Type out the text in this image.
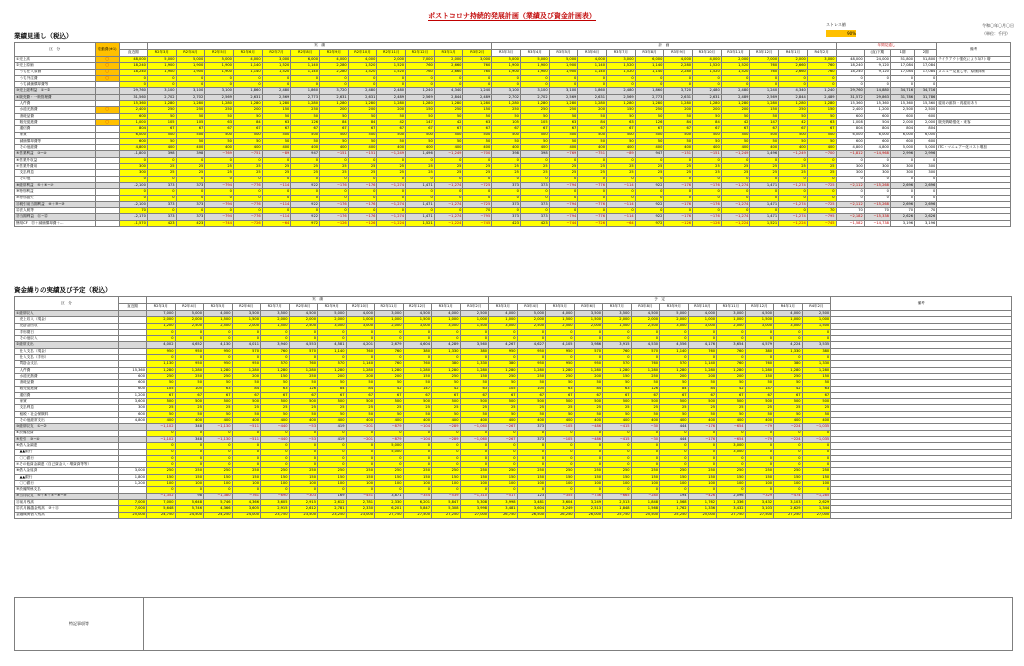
ポストコロナ持続的発展計画（業績及び資金計画表）
ストレス値
90%
令和〇年〇月〇日
（単位：千円）
業績見通し（税込）
区　分	変動費(※1)		実　績												計　画												年間見通し				備考
		直近期	R2年3月	R2年4月	R2年5月	R2年6月	R2年7月	R2年8月	R2年9月	R2年10月	R2年11月	R2年12月	R3年1月	R3年2月	R3年3月	R3年4月	R3年5月	R3年6月	R3年7月	R3年8月	R3年9月	R3年10月	R3年11月	R3年12月	R4年1月	R4年2月		(直)下期	1期	2期	
①売上高	〇	48,000	5,000	5,000	5,000	4,000	3,000	6,000	4,000	4,000	2,000	7,000	2,000	3,000	5,000	5,000	5,000	4,000	3,000	6,000	4,000	4,000	2,000	7,000	2,000	3,000	48,000	24,000	51,800	51,800	テイクアウト強化により3/7ト増
②売上原価	〇	18,240	1,900	1,900	1,900	1,140	1,520	1,140	2,280	1,520	1,520	760	2,660	760	1,900	1,900	1,900	1,140	1,520	1,140	2,280	1,520	1,520	760	2,660	760	18,240	9,120	17,084	17,084	
　うち仕入原価	〇	18,240	1,900	1,900	1,900	1,140	1,520	1,140	2,280	1,520	1,520	760	2,660	760	1,900	1,900	1,900	1,140	1,520	1,140	2,280	1,520	1,520	760	2,660	760	18,240	9,120	17,084	17,084	メニュー見直し等、原価抑制
　うち外注費	〇	0	0	0	0	0	0	0	0	0	0	0	0	0	0	0	0	0	0	0	0	0	0	0	0	0	0	0	0	0	
　うち減価償却費等		0	0	0	0	0	0	0	0	0	0	0	0	0	0	0	0	0	0	0	0	0	0	0	0	0	0	0	0	0	
③売上総利益　①−②		29,760	3,100	3,100	3,100	1,860	2,480	1,860	3,720	2,480	2,480	1,240	4,340	1,240	3,100	3,100	3,100	1,860	2,480	1,860	3,720	2,480	2,480	1,240	4,340	1,240	29,760	14,880	34,716	34,716	
④販売費・一般管理費		31,560	2,702	2,702	2,569	2,631	2,569	2,773	2,631	2,631	2,489	2,569	2,844	2,489	2,702	2,702	2,569	2,631	2,569	2,773	2,631	2,631	2,489	2,569	2,844	2,489	31,572	29,863	31,786	31,786	
　人件費		15,360	1,280	1,280	1,280	1,280	1,280	1,280	1,280	1,280	1,280	1,280	1,280	1,280	1,280	1,280	1,280	1,280	1,280	1,280	1,280	1,280	1,280	1,280	1,280	1,280	15,360	15,360	15,360	15,360	雇用の維持・再雇用あり
　水道光熱費	〇	2,400	250	250	250	200	150	250	200	200	200	150	250	150	250	250	250	200	150	250	200	200	200	150	250	150	2,400	1,200	2,500	2,500	
　消耗品費		600	50	50	50	50	50	50	50	50	50	50	50	50	50	50	50	50	50	50	50	50	50	50	50	50	600	600	600	600	
　販売促進費	〇	1,000	105	105	63	84	63	126	84	84	42	147	42	63	105	105	63	84	63	126	84	84	42	147	42	63	1,008	504	2,000	2,000	販売戦略強化・来客
　通信費		804	67	67	67	67	67	67	67	67	67	67	67	67	67	67	67	67	67	67	67	67	67	67	67	67	804	804	804	804	
　家賃		6,000	500	500	500	500	500	500	500	500	500	500	500	500	500	500	500	500	500	500	500	500	500	500	500	500	6,000	6,000	6,000	6,000	
　減価償却費等		600	50	50	50	50	50	50	50	50	50	50	50	50	50	50	50	50	50	50	50	50	50	50	50	50	600	600	600	600	
　その他経費		4,800	400	400	400	400	400	400	400	400	400	400	400	400	400	400	400	400	400	400	400	400	400	400	400	400	4,800	4,800	5,000	5,000	ITC・マニュアー化コスト増加
⑤営業利益　③−④		-1,800	398	398	−769	−751	−89	947	−151	−151	−1,249	1,496	−1,249	−700	398	398	−769	−751	−89	947	−151	−151	−1,249	1,496	−1,249	−700	−1,812	−14,968	2,996	2,996	
⑥営業外収益		0	0	0	0	0	0	0	0	0	0	0	0	0	0	0	0	0	0	0	0	0	0	0	0	0	0	0	0	0	
⑦営業外費用		300	25	25	25	25	25	25	25	25	25	25	25	25	25	25	25	25	25	25	25	25	25	25	25	25	300	300	300	300	
　支払利息		300	25	25	25	25	25	25	25	25	25	25	25	25	25	25	25	25	25	25	25	25	25	25	25	25	300	300	300	300	
　その他		0	0	0	0	0	0	0	0	0	0	0	0	0	0	0	0	0	0	0	0	0	0	0	0	0	0	0	0	0	
⑧経常利益　⑤＋⑥−⑦		-2,100	373	373	−794	−776	−114	922	−176	−176	−1,274	1,471	−1,274	−725	373	373	−794	−776	−114	922	−176	−176	−1,274	1,471	−1,274	−725	−2,112	−15,268	2,696	2,696	
⑨特別利益		0	0	0	0	0	0	0	0	0	0	0	0	0	0	0	0	0	0	0	0	0	0	0	0	0	0	0	0	0	
⑩特別損失		0	0	0	0	0	0	0	0	0	0	0	0	0	0	0	0	0	0	0	0	0	0	0	0	0	0	0	0	0	
⑪税引前当期利益　⑧＋⑨−⑩		-2,100	373	373	−794	−776	−114	922	−176	−176	−1,274	1,471	−1,274	−725	373	373	−794	−776	−114	922	−176	−176	−1,274	1,471	−1,274	−725	−2,112	−15,268	2,696	2,696	
⑫法人税等		70	0	0	0	0	0	0	0	0	0	0	0	70	0	0	0	0	0	0	0	0	0	0	0	70	70	70	70	70	
⑬当期利益　⑪−⑫		-2,170	373	373	−794	−776	−114	922	−176	−176	−1,274	1,471	−1,274	−795	373	373	−794	−776	−114	922	−176	−176	−1,274	1,471	−1,274	−795	−2,182	−15,338	2,626	2,626	
簡易CF　⑬＋減価償却費＋...		-1,570	423	423	−744	−726	−64	972	−126	−126	−1,224	1,521	−1,224	−745	423	423	−744	−726	−64	972	−126	−126	−1,224	1,521	−1,224	−745	−1,582	−14,738	3,196	3,196	
資金繰りの実績及び予定（税込）
区　分		実　績												予　定												備考
	直近期	R2年3月	R2年4月	R2年5月	R2年6月	R2年7月	R2年8月	R2年9月	R2年10月	R2年11月	R2年12月	R3年1月	R3年2月	R3年3月	R3年4月	R3年5月	R3年6月	R3年7月	R3年8月	R3年9月	R3年10月	R3年11月	R3年12月	R4年1月	R4年2月	
①経常収入		7,000	5,000	4,000	3,500	3,500	4,500	5,000	4,000	3,000	4,500	4,000	2,500	4,000	5,000	4,000	3,500	3,500	4,500	5,000	4,000	3,000	4,500	4,000	2,500	
　売上収入（現金）		2,000	2,000	1,500	1,500	2,000	2,000	2,000	1,000	1,000	1,500	1,000	1,000	1,000	2,000	1,500	1,500	2,000	2,000	2,000	1,000	1,000	1,500	1,000	1,000	
　売掛金回収		1,200	2,500	2,500	2,000	1,500	2,500	3,000	3,000	2,000	3,000	3,000	1,500	3,000	2,500	2,500	2,000	1,500	2,500	3,000	3,000	2,000	3,000	3,000	1,500	
　手形期日		0	0	0	0	0	0	0	0	0	0	0	0	0	0	0	0	0	0	0	0	0	0	0	0	
　その他収入		0	0	0	0	0	0	0	0	0	0	0	0	0	0	0	0	0	0	0	0	0	0	0	0	
②経常支出		4,002	4,652	4,130	4,011	3,940	4,553	4,581	4,201	2,679	4,604	4,289	3,560	4,267	4,627	4,105	3,986	3,915	4,530	4,556	4,176	3,654	4,579	4,224	3,535	
　仕入支払（現金）		950	950	950	570	760	570	1,140	760	760	380	1,330	380	950	950	950	570	760	570	1,140	760	760	380	1,330	380	
　仕入支払（手形）		0	0	0	0	0	0	0	0	0	0	0	0	0	0	0	0	0	0	0	0	0	0	0	0	
　買掛金支払		1,130	950	950	950	570	760	570	1,140	760	760	380	1,330	380	950	950	950	570	760	570	1,140	760	760	380	1,330	
　人件費	15,360	1,280	1,280	1,280	1,280	1,280	1,280	1,280	1,280	1,280	1,280	1,280	1,280	1,280	1,280	1,280	1,280	1,280	1,280	1,280	1,280	1,280	1,280	1,280	1,280	
　水道光熱費	600	250	250	250	200	150	250	200	200	200	150	250	150	250	250	250	200	150	250	200	200	200	150	250	150	
　消耗品費	600	50	50	50	50	50	50	50	50	50	50	50	50	50	50	50	50	50	50	50	50	50	50	50	50	
　販売促進費	600	105	105	63	84	63	126	84	84	42	147	42	63	105	105	63	84	63	126	84	84	42	147	42	63	
　通信費	1,200	67	67	67	67	67	67	67	67	67	67	67	67	67	67	67	67	67	67	67	67	67	67	67	67	
　家賃	3,600	500	500	500	500	500	500	500	500	500	500	500	500	500	500	500	500	500	500	500	500	500	500	500	500	
　支払利息	300	25	25	25	25	25	25	25	25	25	25	25	25	25	25	25	25	25	25	25	25	25	25	25	25	
　租税・社会保険料	600	50	50	50	50	50	50	50	50	50	50	50	50	50	50	50	50	50	50	50	50	50	50	50	50	
　その他経常支出	4,800	400	400	400	400	400	400	400	400	400	400	400	400	400	400	400	400	400	400	400	400	400	400	400	400	
③経常収支　①−②		−1,102	348	−1,130	−511	−440	−53	419	−201	−879	−104	−289	−1,060	−267	373	−105	−486	−415	−30	444	−176	−654	−79	−224	−1,035	
④設備投資		0	0	0	0	0	0	0	0	0	0	0	0	0	0	0	0	0	0	0	0	0	0	0	0	
⑤差引　③−④		−1,102	348	−1,130	−511	−440	−53	419	−201	−879	−104	−289	−1,060	−267	373	−105	−486	−415	−30	444	−176	−654	−79	−224	−1,035	
⑥借入金調達		0	0	0	0	0	0	0	0	5,000	0	0	0	0	0	0	0	0	0	0	0	3,000	0	0	0	
　▲▲銀行		0	0	0	0	0	0	0	0	5,000	0	0	0	0	0	0	0	0	0	0	0	3,000	0	0	0	
　〇〇銀行		0	0	0	0	0	0	0	0	0	0	0	0	0	0	0	0	0	0	0	0	0	0	0	0	
⑦その他資金調達（自己資金入・増資資等等）		0	0	0	0	0	0	0	0	0	0	0	0	0	0	0	0	0	0	0	0	0	0	0	0	
⑧借入金返済	3,000	250	250	250	250	250	250	250	250	250	250	250	250	250	250	250	250	250	250	250	250	250	250	250	250	
　▲▲銀行	1,800	150	150	150	150	150	150	150	150	150	150	150	150	150	150	150	150	150	150	150	150	150	150	150	150	
　〇〇銀行	1,200	100	100	100	100	100	100	100	100	100	100	100	100	100	100	100	100	100	100	100	100	100	100	100	100	
⑨設備関係支払		0	0	0	0	0	0	0	0	0	0	0	0	0	0	0	0	0	0	0	0	0	0	0	0	
⑩当月収支　⑤＋⑥＋⑦−⑧−⑨		−1,352	98	−1,380	−761	−690	−303	169	−451	3,871	−354	−539	−1,310	−517	123	−355	−736	−665	−280	194	−426	2,096	−329	−474	−1,285	
⑪前月残高	7,000	7,000	5,648	5,746	4,366	3,605	2,915	2,612	2,781	2,330	6,201	5,847	5,308	3,998	3,481	3,604	3,249	2,513	1,848	1,568	1,762	1,336	3,432	3,103	2,629	
⑫次月繰越金残高　⑩＋⑪	7,000	5,648	5,746	4,366	3,605	2,915	2,612	2,781	2,330	6,201	5,847	5,308	3,998	3,481	3,604	3,249	2,513	1,848	1,568	1,762	1,336	3,432	3,103	2,629	1,344	
金融機関借入残高	25,000	24,750	24,500	24,250	24,000	23,750	23,500	23,250	23,000	27,750	27,500	27,250	27,000	26,750	26,500	26,250	26,000	25,750	25,500	25,250	25,000	27,750	27,500	27,250	27,000	
特記事項等
